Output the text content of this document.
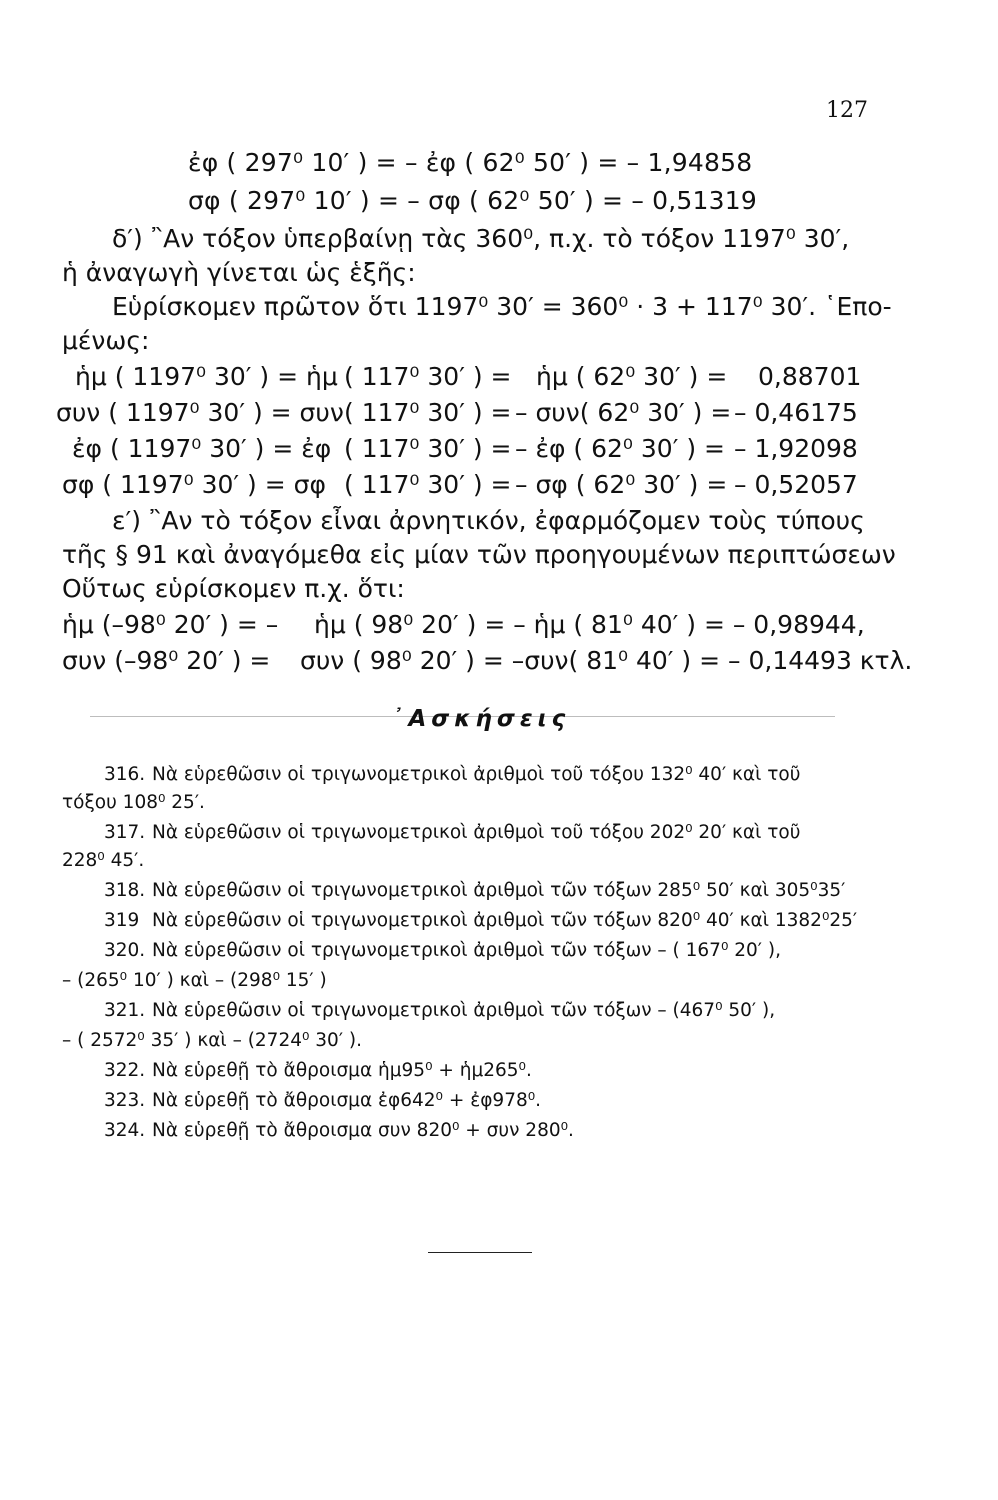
127
ἐφ ( 297⁰ 10′ ) = – ἐφ ( 62⁰ 50′ ) = – 1,94858
σφ ( 297⁰ 10′ ) = – σφ ( 62⁰ 50′ ) = – 0,51319
δ′) ῍Αν τόξον ὑπερβαίνῃ τὰς 360⁰, π.χ. τὸ τόξον 1197⁰ 30′,
ἡ ἀναγωγὴ γίνεται ὡς ἑξῆς:
Εὑρίσκομεν πρῶτον ὅτι 1197⁰ 30′ = 360⁰ · 3 + 117⁰ 30′. ῾Επο-
μένως:
ἡμ ( 1197⁰ 30′ ) = ἡμ ( 117⁰ 30′ ) = ἡμ ( 62⁰ 30′ ) = 0,88701
συν ( 1197⁰ 30′ ) = συν ( 117⁰ 30′ ) = – συν( 62⁰ 30′ ) = – 0,46175
ἐφ ( 1197⁰ 30′ ) = ἐφ ( 117⁰ 30′ ) = – ἐφ ( 62⁰ 30′ ) = – 1,92098
σφ ( 1197⁰ 30′ ) = σφ ( 117⁰ 30′ ) = – σφ ( 62⁰ 30′ ) = – 0,52057
ε′) ῍Αν τὸ τόξον εἶναι ἀρνητικόν, ἐφαρμόζομεν τοὺς τύπους
τῆς § 91 καὶ ἀναγόμεθα εἰς μίαν τῶν προηγουμένων περιπτώσεων
Οὕτως εὑρίσκομεν π.χ. ὅτι:
ἡμ (–98⁰ 20′ ) = – ἡμ ( 98⁰ 20′ ) = – ἡμ ( 81⁰ 40′ ) = – 0,98944,
συν (–98⁰ 20′ ) = συν ( 98⁰ 20′ ) = –συν( 81⁰ 40′ ) = – 0,14493 κτλ.
᾿Ασκήσεις
316. Νὰ εὑρεθῶσιν οἱ τριγωνομετρικοὶ ἀριθμοὶ τοῦ τόξου 132⁰ 40′ καὶ τοῦ
τόξου 108⁰ 25′.
317. Νὰ εὑρεθῶσιν οἱ τριγωνομετρικοὶ ἀριθμοὶ τοῦ τόξου 202⁰ 20′ καὶ τοῦ
228⁰ 45′.
318. Νὰ εὑρεθῶσιν οἱ τριγωνομετρικοὶ ἀριθμοὶ τῶν τόξων 285⁰ 50′ καὶ 305⁰35′
319 Νὰ εὑρεθῶσιν οἱ τριγωνομετρικοὶ ἀριθμοὶ τῶν τόξων 820⁰ 40′ καὶ 1382⁰25′
320. Νὰ εὑρεθῶσιν οἱ τριγωνομετρικοὶ ἀριθμοὶ τῶν τόξων – ( 167⁰ 20′ ),
– (265⁰ 10′ ) καὶ – (298⁰ 15′ )
321. Νὰ εὑρεθῶσιν οἱ τριγωνομετρικοὶ ἀριθμοὶ τῶν τόξων – (467⁰ 50′ ),
– ( 2572⁰ 35′ ) καὶ – (2724⁰ 30′ ).
322. Νὰ εὑρεθῇ τὸ ἄθροισμα ἡμ95⁰ + ἡμ265⁰.
323. Νὰ εὑρεθῇ τὸ ἄθροισμα ἐφ642⁰ + ἐφ978⁰.
324. Νὰ εὑρεθῇ τὸ ἄθροισμα συν 820⁰ + συν 280⁰.
